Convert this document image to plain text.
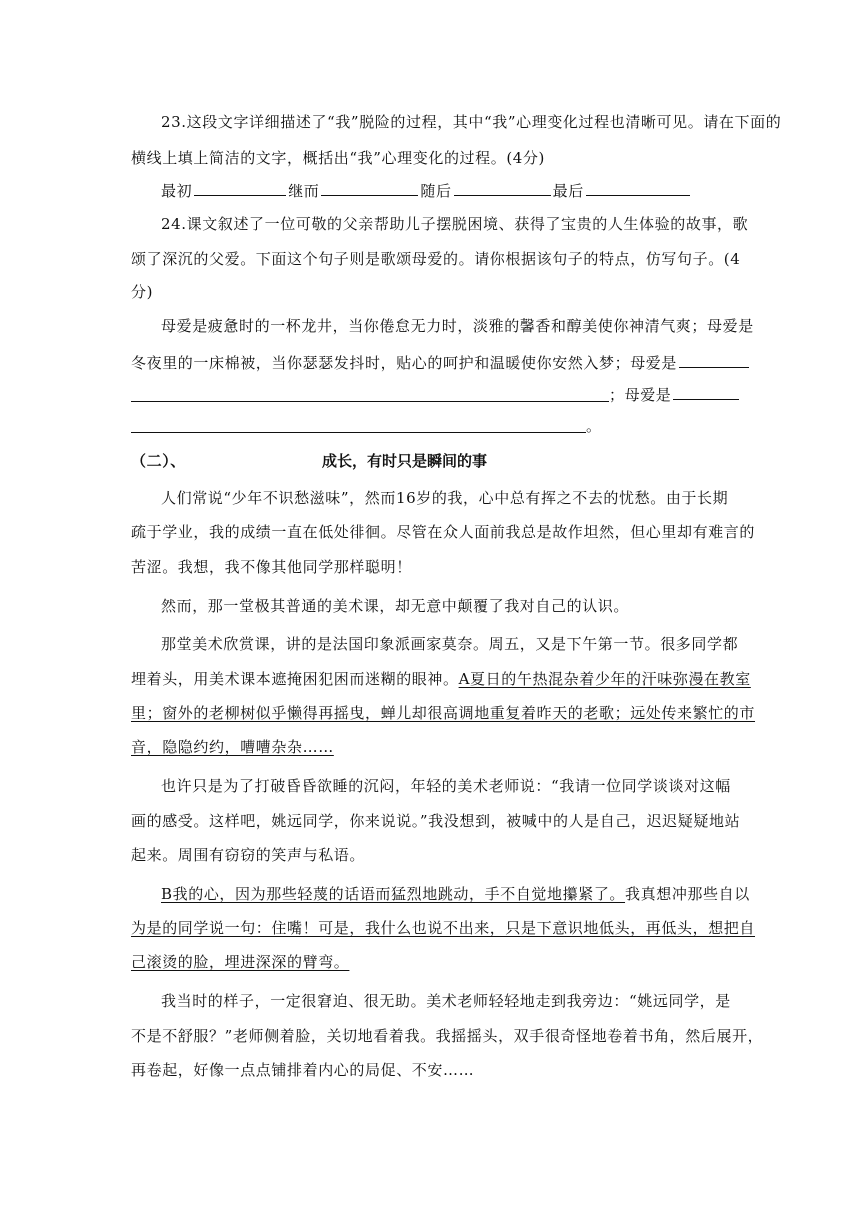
23.这段文字详细描述了“我”脱险的过程，其中“我”心理变化过程也清晰可见。请在下面的
横线上填上简洁的文字，概括出“我”心理变化的过程。(4分)
最初	继而	随后	最后
24.课文叙述了一位可敬的父亲帮助儿子摆脱困境、获得了宝贵的人生体验的故事，歌
颂了深沉的父爱。下面这个句子则是歌颂母爱的。请你根据该句子的特点，仿写句子。(4
分)
母爱是疲惫时的一杯龙井，当你倦怠无力时，淡雅的馨香和醇美使你神清气爽；母爱是
冬夜里的一床棉被，当你瑟瑟发抖时，贴心的呵护和温暖使你安然入梦；母爱是
；母爱是
。
（二）、	成长，有时只是瞬间的事
人们常说“少年不识愁滋味”，然而16岁的我，心中总有挥之不去的忧愁。由于长期
疏于学业，我的成绩一直在低处徘徊。尽管在众人面前我总是故作坦然，但心里却有难言的
苦涩。我想，我不像其他同学那样聪明！
然而，那一堂极其普通的美术课，却无意中颠覆了我对自己的认识。
那堂美术欣赏课，讲的是法国印象派画家莫奈。周五，又是下午第一节。很多同学都
埋着头，用美术课本遮掩困犯困而迷糊的眼神。A夏日的午热混杂着少年的汗味弥漫在教室
里；窗外的老柳树似乎懒得再摇曳，蝉儿却很高调地重复着昨天的老歌；远处传来繁忙的市
音，隐隐约约，嘈嘈杂杂……
也许只是为了打破昏昏欲睡的沉闷，年轻的美术老师说：“我请一位同学谈谈对这幅
画的感受。这样吧，姚远同学，你来说说。”我没想到，被喊中的人是自己，迟迟疑疑地站
起来。周围有窃窃的笑声与私语。
B我的心，因为那些轻蔑的话语而猛烈地跳动，手不自觉地攥紧了。我真想冲那些自以
为是的同学说一句：住嘴！可是，我什么也说不出来，只是下意识地低头，再低头，想把自
己滚烫的脸，埋进深深的臂弯。
我当时的样子，一定很窘迫、很无助。美术老师轻轻地走到我旁边：“姚远同学，是
不是不舒服？”老师侧着脸，关切地看着我。我摇摇头，双手很奇怪地卷着书角，然后展开，
再卷起，好像一点点铺排着内心的局促、不安……
